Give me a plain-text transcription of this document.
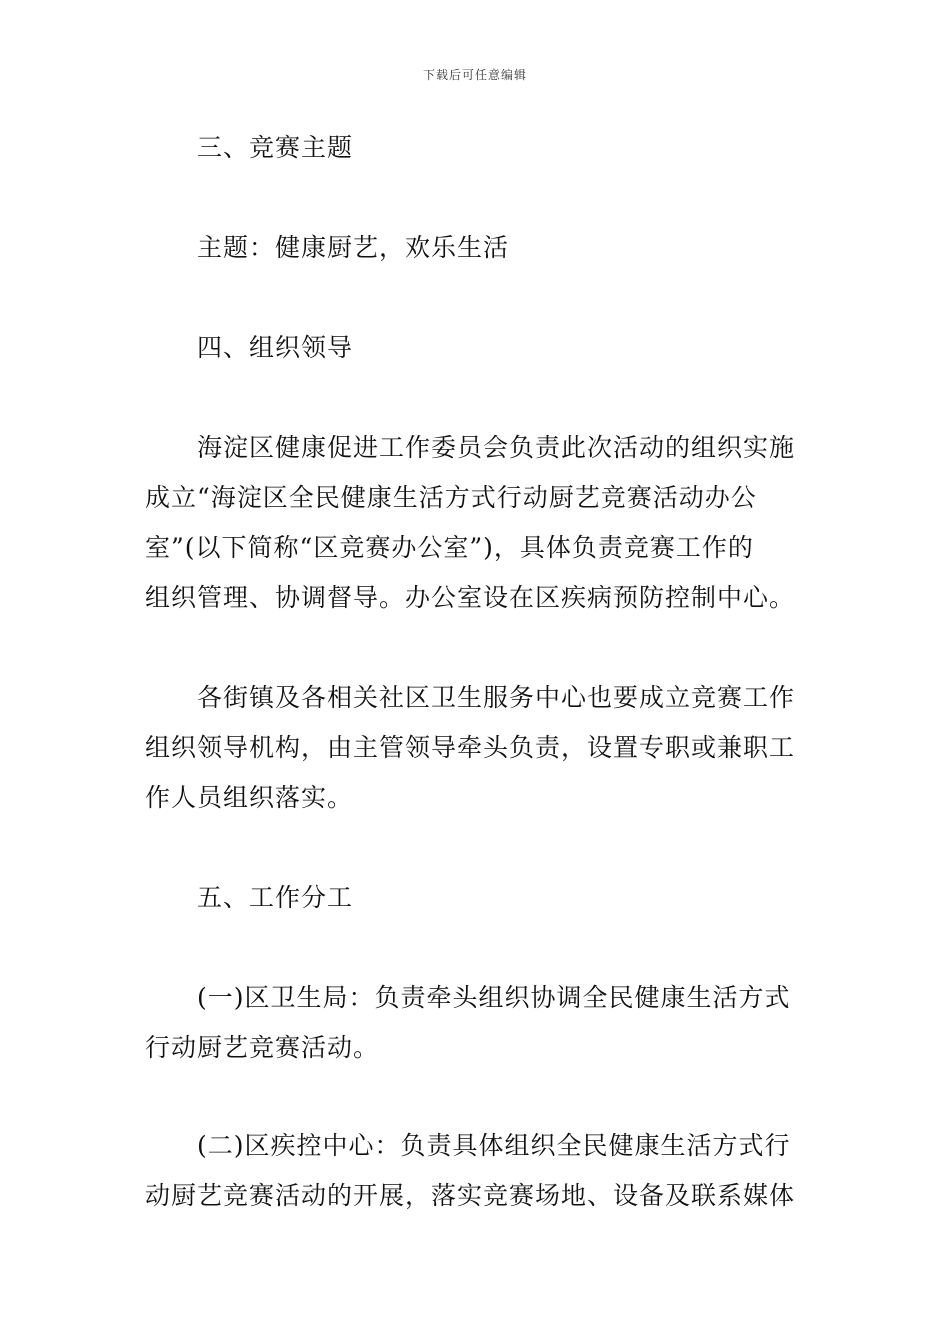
下载后可任意编辑
三、竞赛主题
主题：健康厨艺，欢乐生活
四、组织领导
海淀区健康促进工作委员会负责此次活动的组织实施
成立“海淀区全民健康生活方式行动厨艺竞赛活动办公
室”(以下简称“区竞赛办公室”)，具体负责竞赛工作的
组织管理、协调督导。办公室设在区疾病预防控制中心。
各街镇及各相关社区卫生服务中心也要成立竞赛工作
组织领导机构，由主管领导牵头负责，设置专职或兼职工
作人员组织落实。
五、工作分工
(一)区卫生局：负责牵头组织协调全民健康生活方式
行动厨艺竞赛活动。
(二)区疾控中心：负责具体组织全民健康生活方式行
动厨艺竞赛活动的开展，落实竞赛场地、设备及联系媒体
